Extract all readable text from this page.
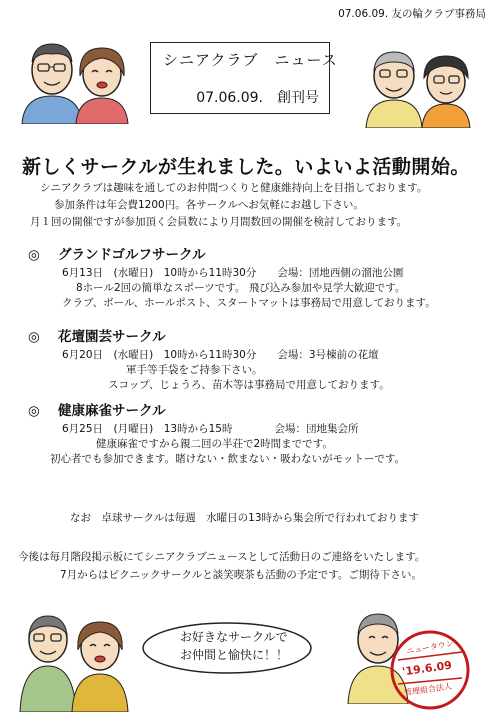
07.06.09. 友の輪クラブ事務局
シニアクラブ　ニュース
07.06.09.　創刊号
新しくサークルが生れました。いよいよ活動開始。
シニアクラブは趣味を通してのお仲間つくりと健康維持向上を目指しております。
参加条件は年会費1200円。各サークルへお気軽にお越し下さい。
月１回の開催ですが参加頂く会員数により月間数回の開催を検討しております。
◎ グランドゴルフサークル
6月13日　(水曜日)　10時から11時30分　　会場：団地西側の溜池公園
8ホール2回の簡単なスポーツです。 飛び込み参加や見学大歓迎です。
クラブ、ボール、ホールポスト、スタートマットは事務局で用意しております。
◎ 花壇園芸サークル
6月20日　(水曜日)　10時から11時30分　　会場：3号棟前の花壇
軍手等手袋をご持参下さい。
スコップ、じょうろ、苗木等は事務局で用意しております。
◎ 健康麻雀サークル
6月25日　(月曜日)　13時から15時　　　　会場：団地集会所
健康麻雀ですから親二回の半荘で2時間までです。
初心者でも参加できます。賭けない・飲まない・吸わないがモットーです。
なお　卓球サークルは毎週　水曜日の13時から集会所で行われております
今後は毎月階段掲示板にてシニアクラブニュースとして活動日のご連絡をいたします。
7月からはピクニックサークルと談笑喫茶も活動の予定です。ご期待下さい。
お好きなサークルで
お仲間と愉快に！！	ニュータウン
'19.6.09
管理組合法人
